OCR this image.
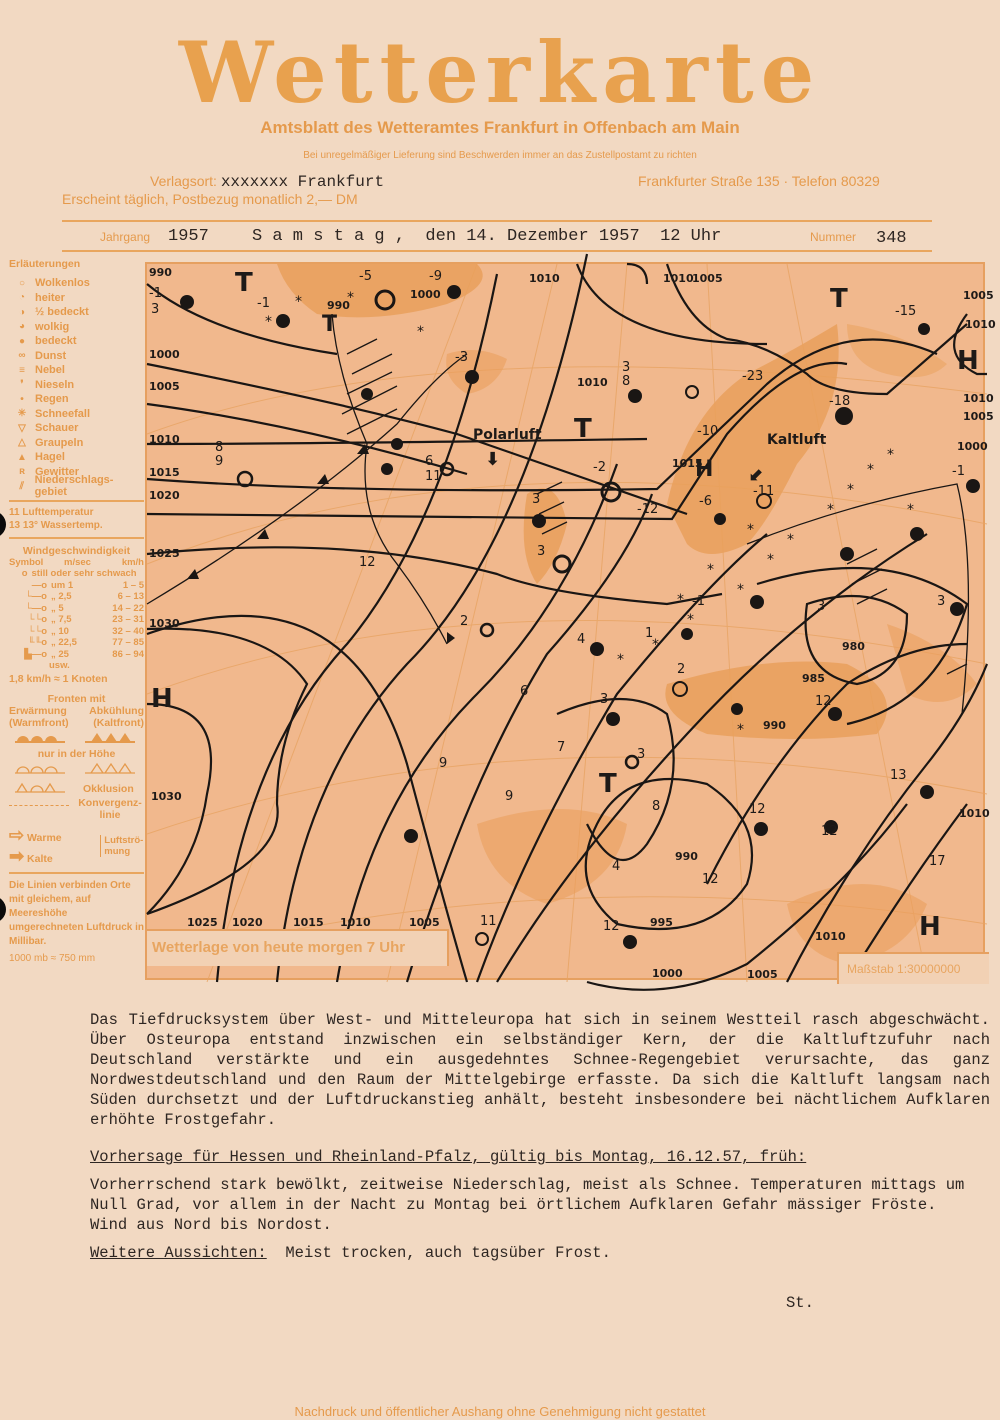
Wetterkarte
Amtsblatt des Wetteramtes Frankfurt in Offenbach am Main
Bei unregelmäßiger Lieferung sind Beschwerden immer an das Zustellpostamt zu richten
Verlagsort: xxxxxxx Frankfurt	Frankfurter Straße 135 · Telefon 80329
Erscheint täglich, Postbezug monatlich 2,— DM
Jahrgang 1957	S a m s t a g ,  den 14. Dezember 1957  12 Uhr	Nummer 348
Erläuterungen
○ Wolkenlos
◔ heiter
◑ ½ bedeckt
◕ wolkig
● bedeckt
∞ Dunst
≡ Nebel
❜	Nieseln
•	Regen
✳ Schneefall
▽ Schauer
△ Graupeln
▲ Hagel
ʀ Gewitter
⫽ Niederschlags-gebiet
11 Lufttemperatur
13 13° Wassertemp.
Windgeschwindigkeit
Symbol	m/sec	km/h
o still oder sehr schwach
—o um 1	1 – 5
└—o „ 2,5	6 – 13
└—o „ 5	14 – 22
└└o „ 7,5	23 – 31
└└o „ 10	32 – 40
╙╙o „ 22,5	77 – 85
▙—o „ 25	86 – 94
usw.
1,8 km/h ≈ 1 Knoten
Fronten mit
Erwärmung Abkühlung
(Warmfront) (Kaltfront)
nur in der Höhe
Okklusion
Konvergenz-linie
⇨ Warme
➡ Kalte
Luftströ-mung
Die Linien verbinden Orte mit gleichem, auf Meereshöhe umgerechneten Luftdruck in Millibar.
1000 mb ≈ 750 mm
*	*
*
*
*
*
*
*
*
*
*
*
*
*
*
*
*
*
*
990
1000
1005
1010
1015
1020
1025
1030
1030
1025 1020	1015 1010	1005
990
1000
1010	1010
1005
1010
1015
1005
1010
1010
1005
1000
990
980
985
990
995
1000	1005
1010
1010
T
T
T
T
T
H
H
H
H
Polarluft
⬇
Kaltluft
⬋
-1
3	-1
-5	-9
-3
3
8
-2
-12
-10
-6
-11
-23
-18
-15
-1
8
9	6
11
12
3
3
2
4
6
3
7	3
9
9
8
4
12
11	12
12
12
13
17
3
2
-1
1
3
12
Wetterlage von heute morgen 7 Uhr
Maßstab 1:30000000

Das Tiefdrucksystem über West- und Mitteleuropa hat sich in seinem Westteil rasch abgeschwächt. Über Osteuropa entstand inzwischen ein selbständiger Kern, der die Kaltluftzufuhr nach Deutschland verstärkte und ein ausgedehntes Schnee-Regengebiet verursachte, das ganz Nordwestdeutschland und den Raum der Mittelgebirge erfasste. Da sich die Kaltluft langsam nach Süden durchsetzt und der Luftdruckanstieg anhält, besteht insbesondere bei nächtlichem Aufklaren erhöhte Frostgefahr.

Vorhersage für Hessen und Rheinland-Pfalz, gültig bis Montag, 16.12.57, früh:

Vorherrschend stark bewölkt, zeitweise Niederschlag, meist als Schnee. Temperaturen mittags um Null Grad, vor allem in der Nacht zu Montag bei örtlichem Aufklaren Gefahr mässiger Fröste. Wind aus Nord bis Nordost.

Weitere Aussichten: Meist trocken, auch tagsüber Frost.

St.

Nachdruck und öffentlicher Aushang ohne Genehmigung nicht gestattet
